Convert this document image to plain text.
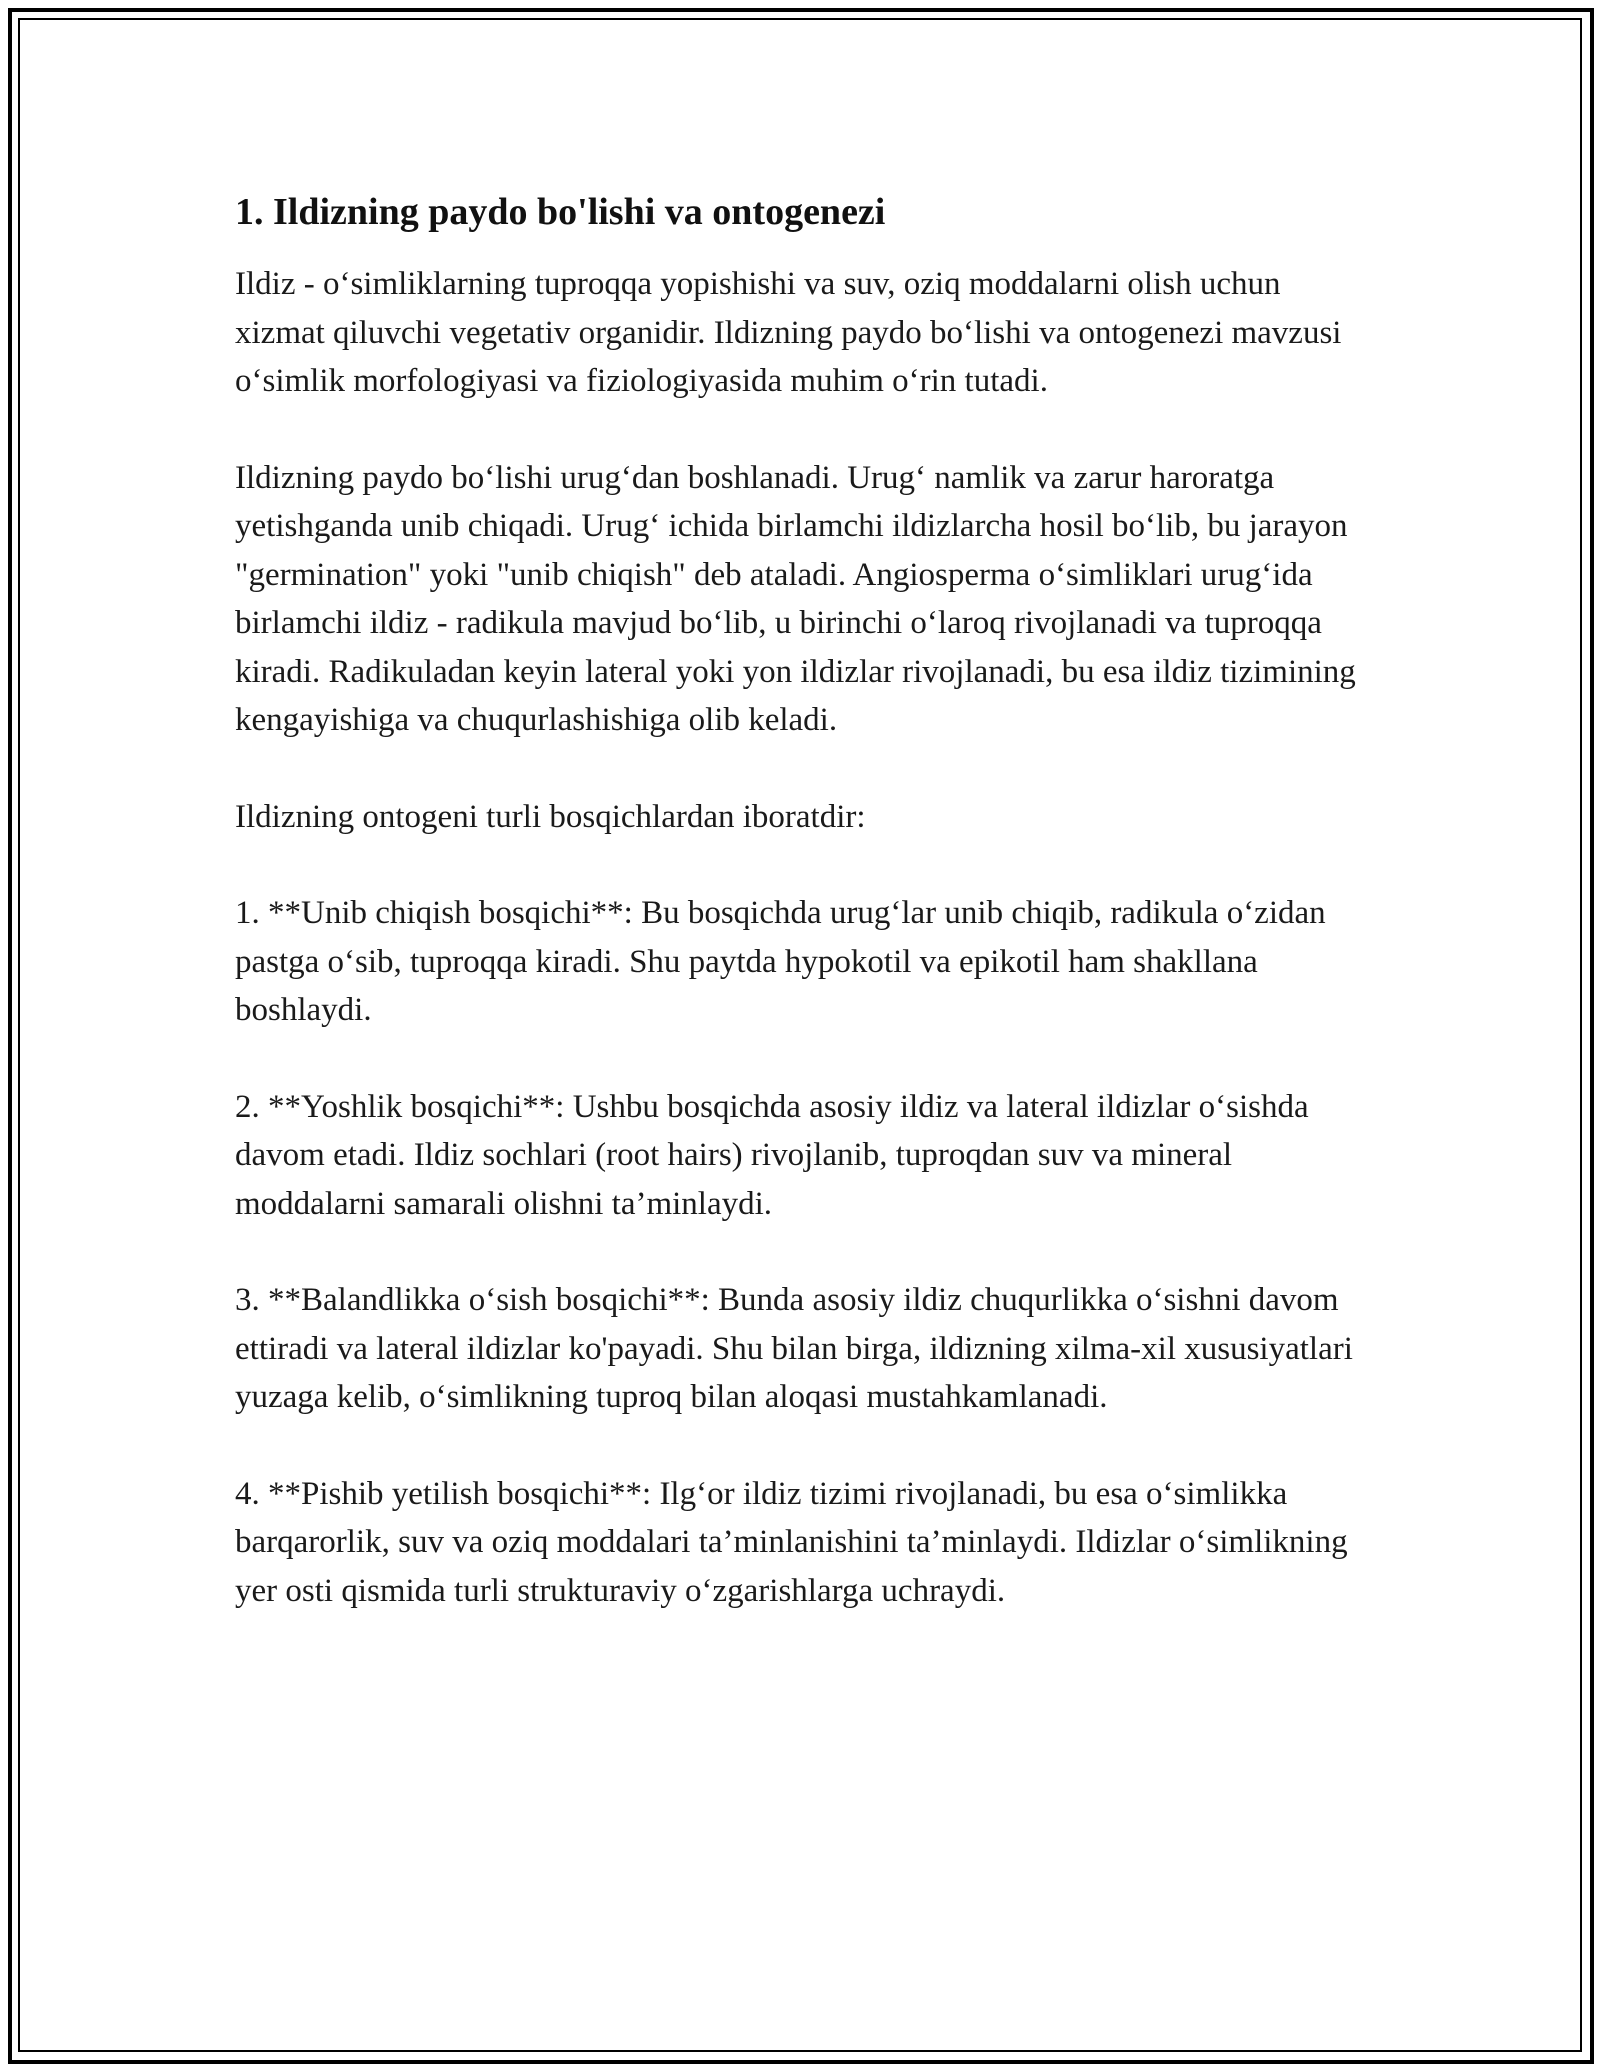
1. Ildizning paydo bo'lishi va ontogenezi

Ildiz - o‘simliklarning tuproqqa yopishishi va suv, oziq moddalarni olish uchun xizmat qiluvchi vegetativ organidir. Ildizning paydo bo‘lishi va ontogenezi mavzusi o‘simlik morfologiyasi va fiziologiyasida muhim o‘rin tutadi.

Ildizning paydo bo‘lishi urug‘dan boshlanadi. Urug‘ namlik va zarur haroratga yetishganda unib chiqadi. Urug‘ ichida birlamchi ildizlarcha hosil bo‘lib, bu jarayon "germination" yoki "unib chiqish" deb ataladi. Angiosperma o‘simliklari urug‘ida birlamchi ildiz - radikula mavjud bo‘lib, u birinchi o‘laroq rivojlanadi va tuproqqa kiradi. Radikuladan keyin lateral yoki yon ildizlar rivojlanadi, bu esa ildiz tizimining kengayishiga va chuqurlashishiga olib keladi.

Ildizning ontogeni turli bosqichlardan iboratdir:

1. **Unib chiqish bosqichi**: Bu bosqichda urug‘lar unib chiqib, radikula o‘zidan pastga o‘sib, tuproqqa kiradi. Shu paytda hypokotil va epikotil ham shakllana boshlaydi.

2. **Yoshlik bosqichi**: Ushbu bosqichda asosiy ildiz va lateral ildizlar o‘sishda davom etadi. Ildiz sochlari (root hairs) rivojlanib, tuproqdan suv va mineral moddalarni samarali olishni ta’minlaydi.

3. **Balandlikka o‘sish bosqichi**: Bunda asosiy ildiz chuqurlikka o‘sishni davom ettiradi va lateral ildizlar ko'payadi. Shu bilan birga, ildizning xilma-xil xususiyatlari yuzaga kelib, o‘simlikning tuproq bilan aloqasi mustahkamlanadi.

4. **Pishib yetilish bosqichi**: Ilg‘or ildiz tizimi rivojlanadi, bu esa o‘simlikka barqarorlik, suv va oziq moddalari ta’minlanishini ta’minlaydi. Ildizlar o‘simlikning yer osti qismida turli strukturaviy o‘zgarishlarga uchraydi.
